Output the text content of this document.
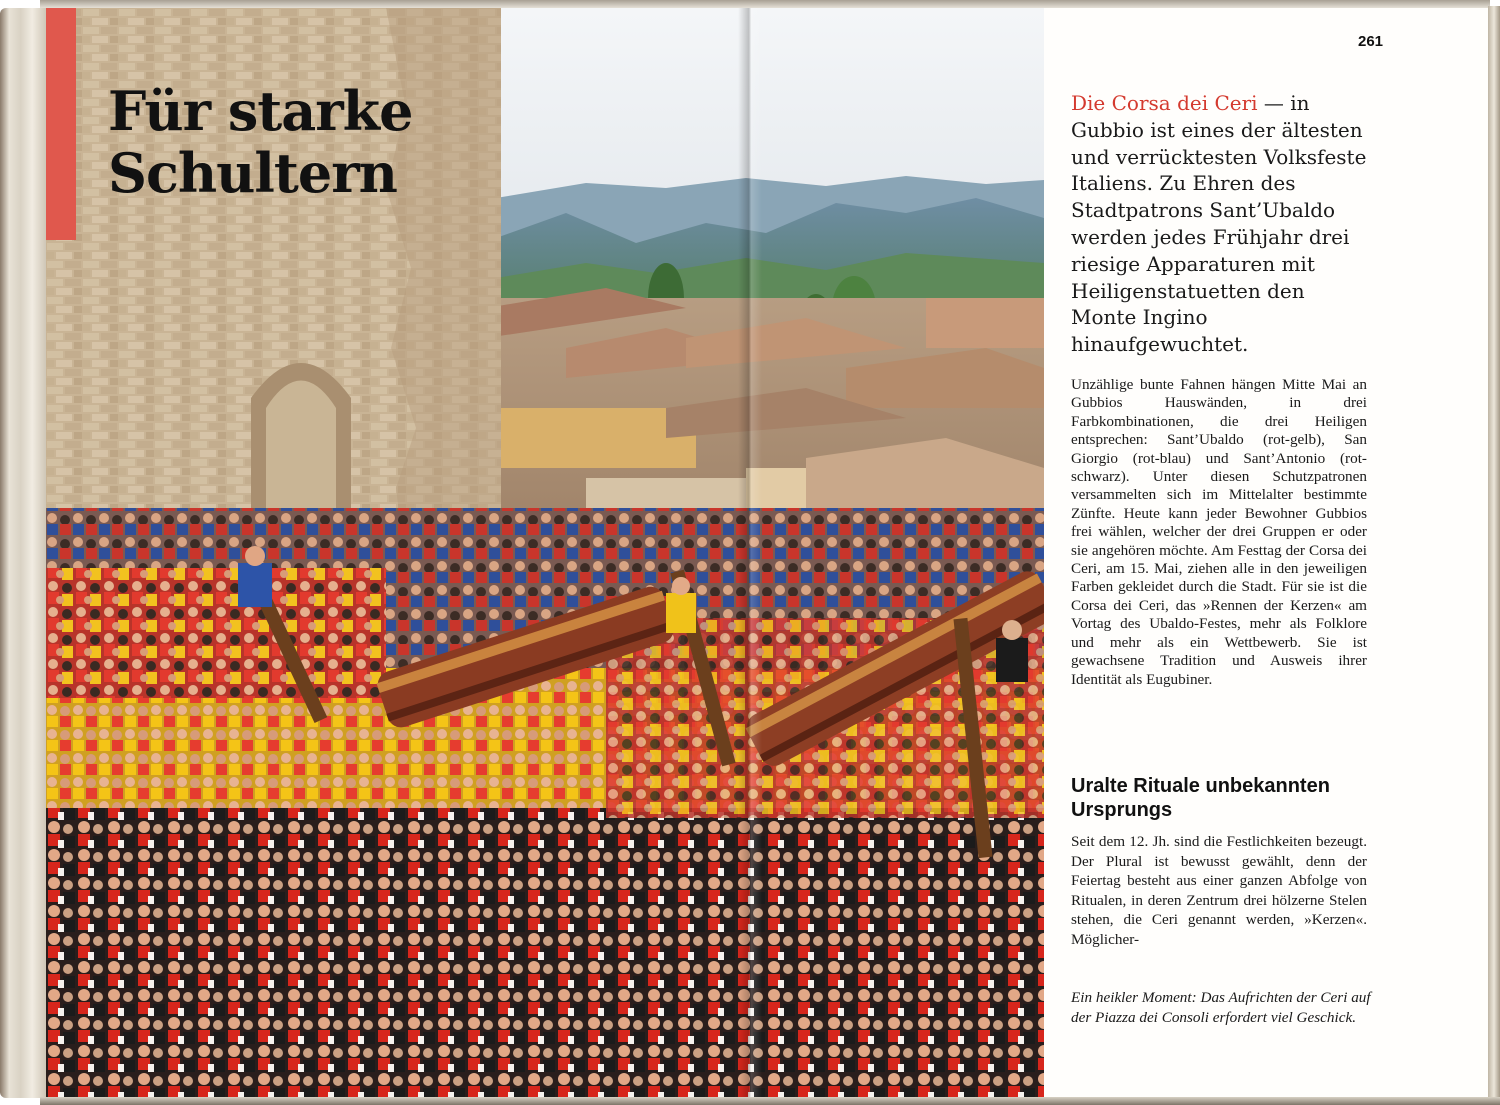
Für starke
Schultern
261
Die Corsa dei Ceri — in Gubbio ist eines der ältesten und verrücktesten Volksfeste Italiens. Zu Ehren des Stadtpatrons Sant’Ubaldo werden jedes Frühjahr drei riesige Apparaturen mit Heiligenstatuetten den Monte Ingino hinaufgewuchtet.
Unzählige bunte Fahnen hängen Mitte Mai an Gubbios Hauswänden, in drei Farbkombinationen, die drei Heiligen entsprechen: Sant’Ubaldo (rot-gelb), San Giorgio (rot-blau) und Sant’Antonio (rot-schwarz). Unter diesen Schutzpatronen versammelten sich im Mittelalter bestimmte Zünfte. Heute kann jeder Bewohner Gubbios frei wählen, welcher der drei Gruppen er oder sie angehören möchte. Am Festtag der Corsa dei Ceri, am 15. Mai, ziehen alle in den jeweiligen Farben gekleidet durch die Stadt. Für sie ist die Corsa dei Ceri, das »Rennen der Kerzen« am Vortag des Ubaldo-Festes, mehr als Folklore und mehr als ein Wettbewerb. Sie ist gewachsene Tradition und Ausweis ihrer Identität als Eugubiner.
Uralte Rituale unbekannten Ursprungs
Seit dem 12. Jh. sind die Festlichkeiten bezeugt. Der Plural ist bewusst gewählt, denn der Feiertag besteht aus einer ganzen Abfolge von Ritualen, in deren Zentrum drei hölzerne Stelen stehen, die Ceri genannt werden, »Kerzen«. Möglicher-
Ein heikler Moment: Das Aufrichten der Ceri auf der Piazza dei Consoli erfordert viel Geschick.
